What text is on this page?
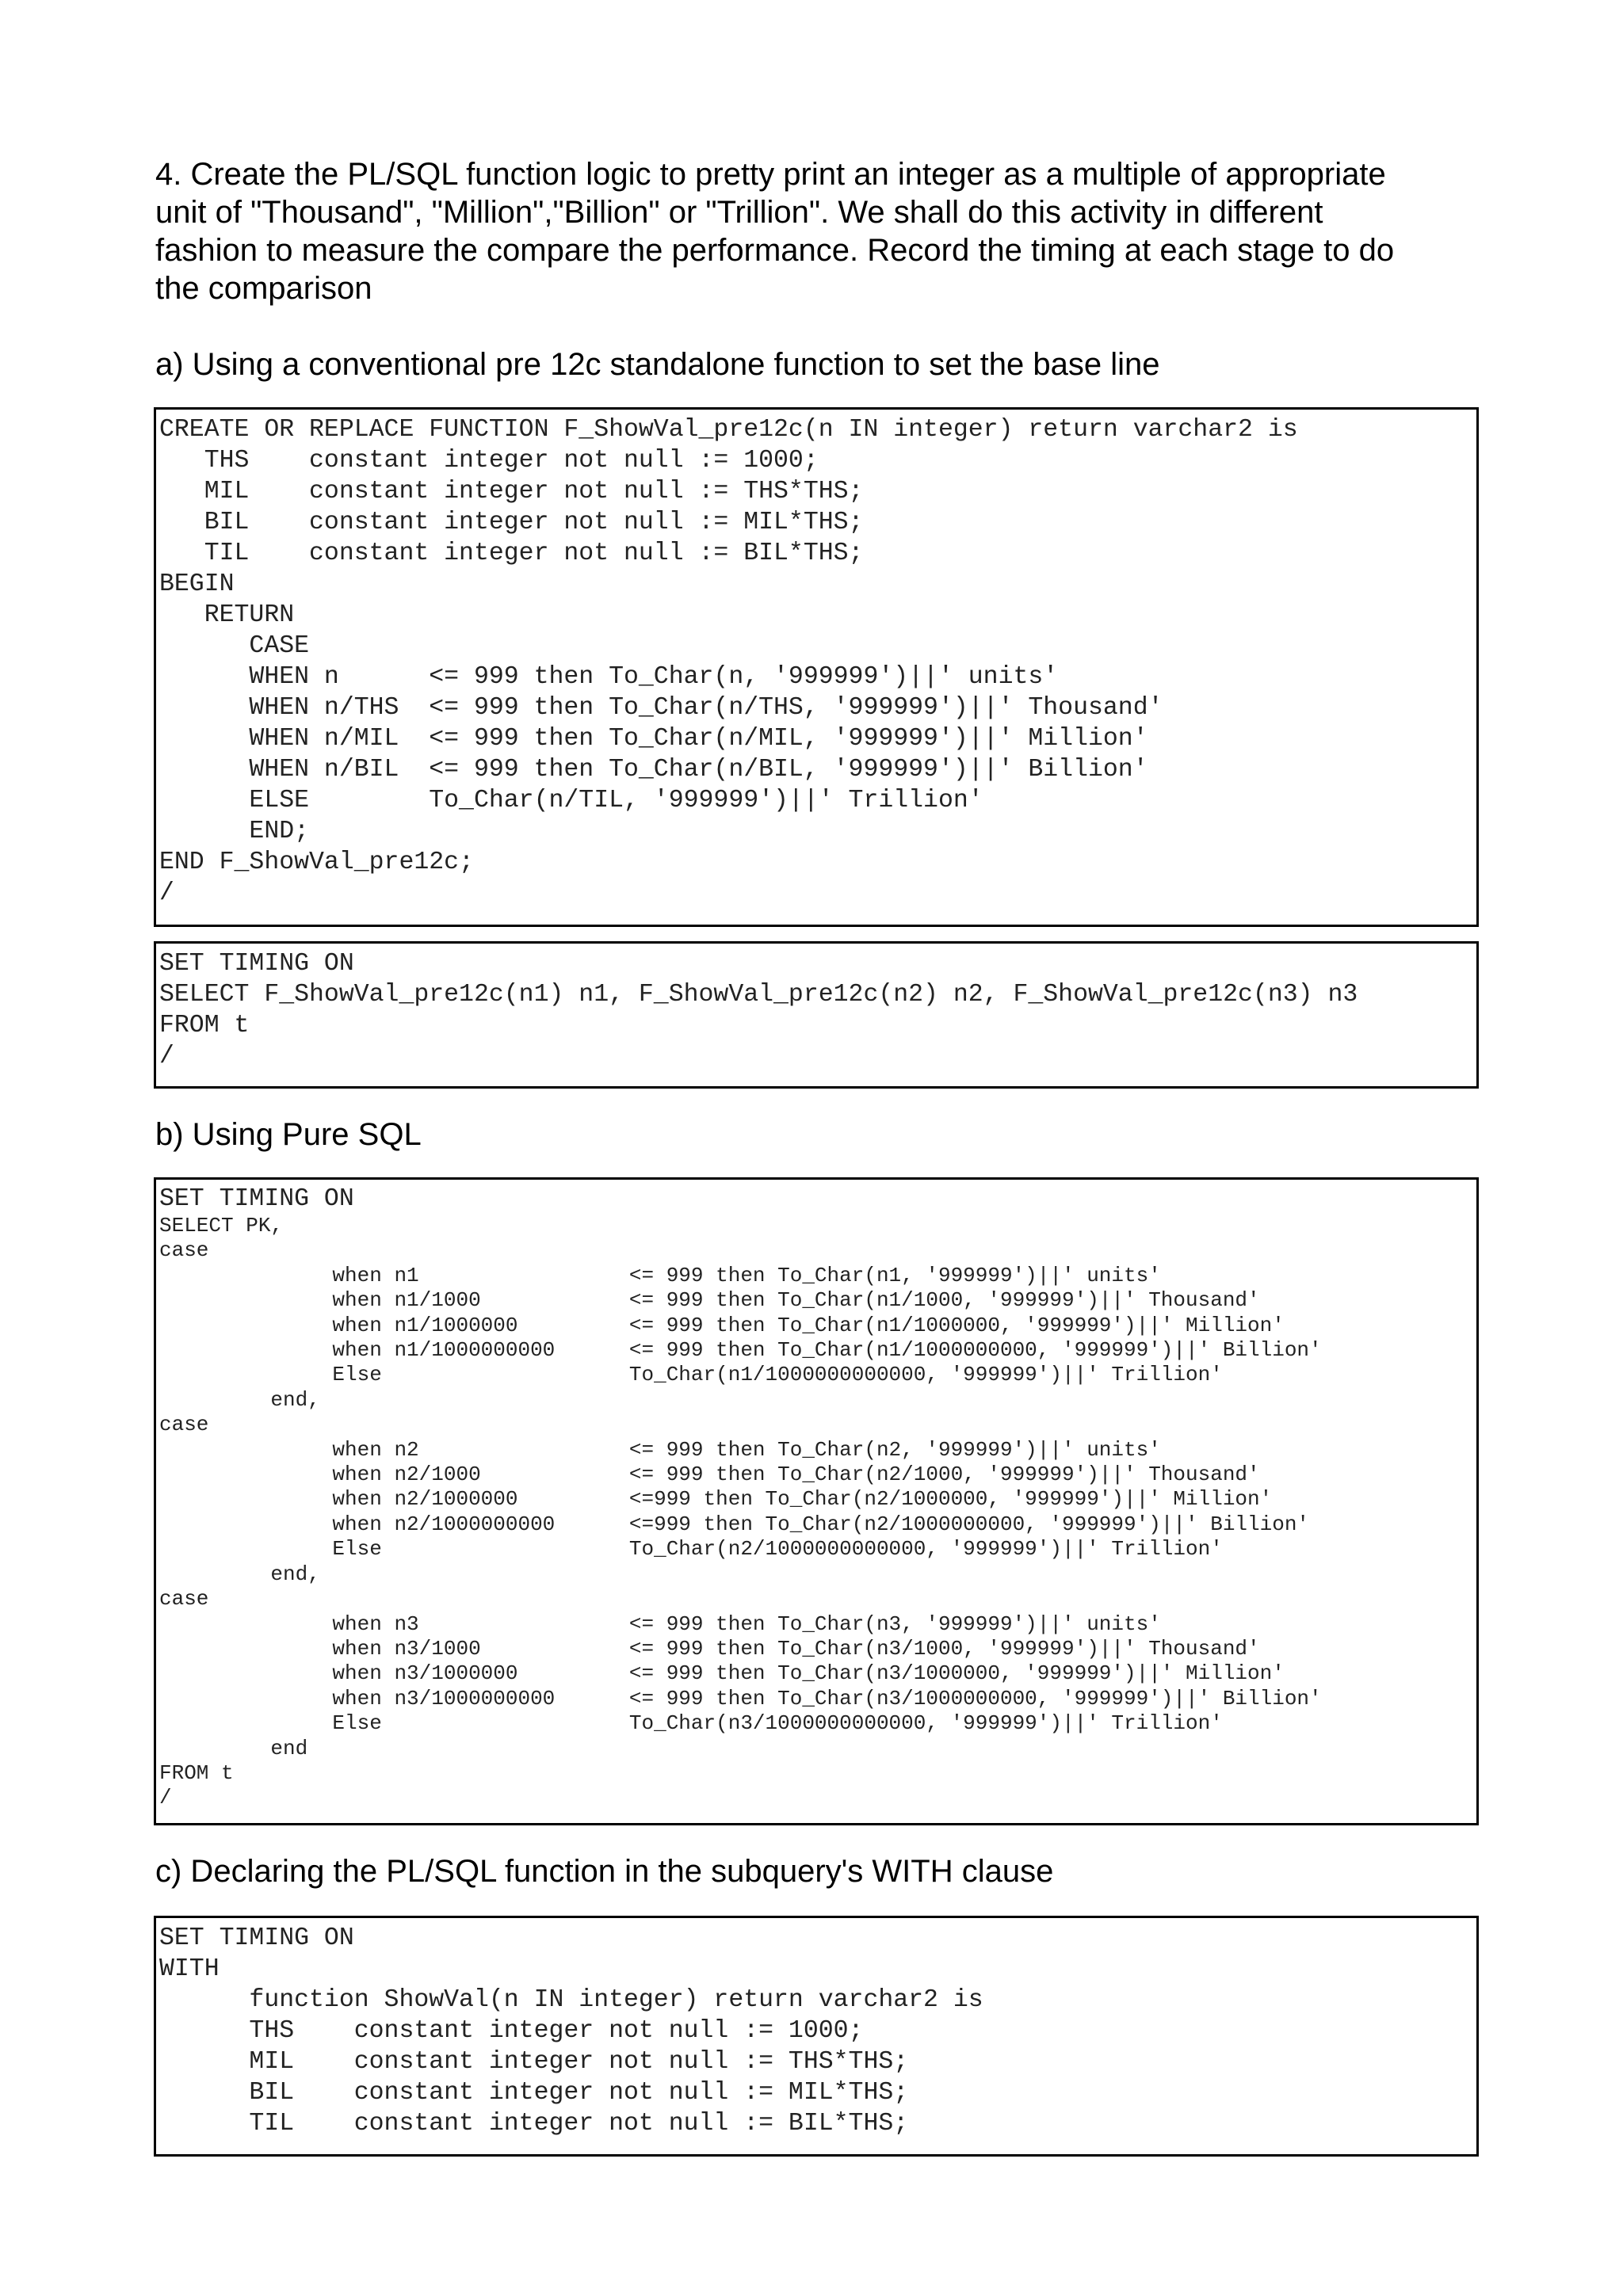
4. Create the PL/SQL function logic to pretty print an integer as a multiple of appropriate
unit of "Thousand", "Million","Billion" or "Trillion". We shall do this activity in different
fashion to measure the compare the performance. Record the timing at each stage to do
the comparison

a) Using a conventional pre 12c standalone function to set the base line

CREATE OR REPLACE FUNCTION F_ShowVal_pre12c(n IN integer) return varchar2 is
THS    constant integer not null := 1000;
MIL    constant integer not null := THS*THS;
BIL    constant integer not null := MIL*THS;
TIL    constant integer not null := BIL*THS;
BEGIN
RETURN
CASE
WHEN n      <= 999 then To_Char(n, '999999')||' units'
WHEN n/THS  <= 999 then To_Char(n/THS, '999999')||' Thousand'
WHEN n/MIL  <= 999 then To_Char(n/MIL, '999999')||' Million'
WHEN n/BIL  <= 999 then To_Char(n/BIL, '999999')||' Billion'
ELSE        To_Char(n/TIL, '999999')||' Trillion'
END;
END F_ShowVal_pre12c;
/
SET TIMING ON
SELECT F_ShowVal_pre12c(n1) n1, F_ShowVal_pre12c(n2) n2, F_ShowVal_pre12c(n3) n3
FROM t
/

b) Using Pure SQL

SET TIMING ON
SELECT PK,
case
when n1                 <= 999 then To_Char(n1, '999999')||' units'
when n1/1000            <= 999 then To_Char(n1/1000, '999999')||' Thousand'
when n1/1000000         <= 999 then To_Char(n1/1000000, '999999')||' Million'
when n1/1000000000      <= 999 then To_Char(n1/1000000000, '999999')||' Billion'
Else                    To_Char(n1/1000000000000, '999999')||' Trillion'
end,
case
when n2                 <= 999 then To_Char(n2, '999999')||' units'
when n2/1000            <= 999 then To_Char(n2/1000, '999999')||' Thousand'
when n2/1000000         <=999 then To_Char(n2/1000000, '999999')||' Million'
when n2/1000000000      <=999 then To_Char(n2/1000000000, '999999')||' Billion'
Else                    To_Char(n2/1000000000000, '999999')||' Trillion'
end,
case
when n3                 <= 999 then To_Char(n3, '999999')||' units'
when n3/1000            <= 999 then To_Char(n3/1000, '999999')||' Thousand'
when n3/1000000         <= 999 then To_Char(n3/1000000, '999999')||' Million'
when n3/1000000000      <= 999 then To_Char(n3/1000000000, '999999')||' Billion'
Else                    To_Char(n3/1000000000000, '999999')||' Trillion'
end
FROM t
/

c) Declaring the PL/SQL function in the subquery's WITH clause

SET TIMING ON
WITH
function ShowVal(n IN integer) return varchar2 is
THS    constant integer not null := 1000;
MIL    constant integer not null := THS*THS;
BIL    constant integer not null := MIL*THS;
TIL    constant integer not null := BIL*THS;
